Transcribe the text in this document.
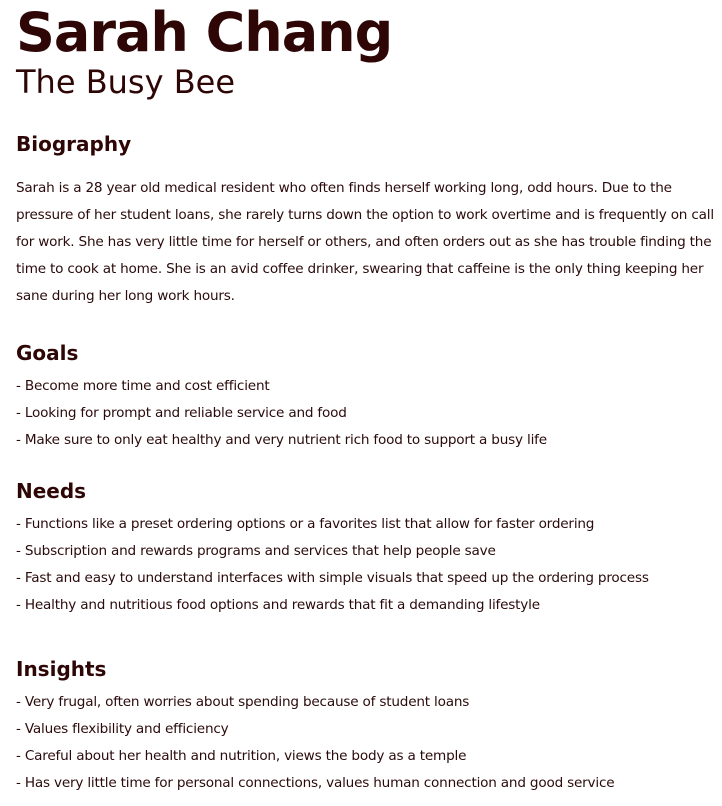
Sarah Chang
The Busy Bee
Biography

Sarah is a 28 year old medical resident who often finds herself working long, odd hours. Due to the pressure of her student loans, she rarely turns down the option to work overtime and is frequently on call for work. She has very little time for herself or others, and often orders out as she has trouble finding the time to cook at home. She is an avid coffee drinker, swearing that caffeine is the only thing keeping her sane during her long work hours.

Goals
- Become more time and cost efficient
- Looking for prompt and reliable service and food
- Make sure to only eat healthy and very nutrient rich food to support a busy life
Needs
- Functions like a preset ordering options or a favorites list that allow for faster ordering
- Subscription and rewards programs and services that help people save
- Fast and easy to understand interfaces with simple visuals that speed up the ordering process
- Healthy and nutritious food options and rewards that fit a demanding lifestyle
Insights
- Very frugal, often worries about spending because of student loans
- Values flexibility and efficiency
- Careful about her health and nutrition, views the body as a temple
- Has very little time for personal connections, values human connection and good service
